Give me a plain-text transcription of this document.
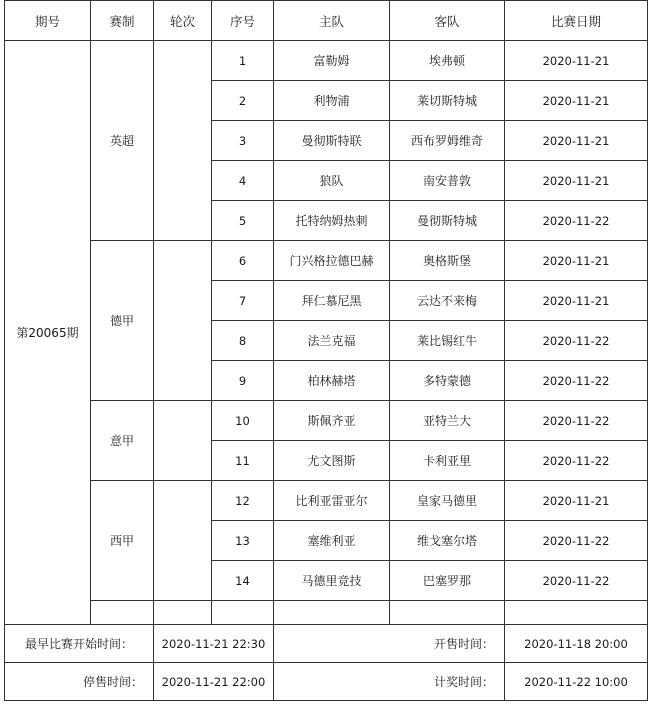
期号	赛制	轮次	序号	主队	客队	比赛日期
第20065期	英超		1	富勒姆	埃弗顿	2020-11-21
			2	利物浦	莱切斯特城	2020-11-21
			3	曼彻斯特联	西布罗姆维奇	2020-11-21
			4	狼队	南安普敦	2020-11-21
			5	托特纳姆热刺	曼彻斯特城	2020-11-22
	德甲		6	门兴格拉德巴赫	奥格斯堡	2020-11-21
			7	拜仁慕尼黑	云达不来梅	2020-11-21
			8	法兰克福	莱比锡红牛	2020-11-22
			9	柏林赫塔	多特蒙德	2020-11-22
	意甲		10	斯佩齐亚	亚特兰大	2020-11-22
			11	尤文图斯	卡利亚里	2020-11-22
	西甲		12	比利亚雷亚尔	皇家马德里	2020-11-21
			13	塞维利亚	维戈塞尔塔	2020-11-22
			14	马德里竞技	巴塞罗那	2020-11-22

最早比赛开始时间：		2020-11-21 22:30		开售时间：		2020-11-18 20:00
停售时间：		2020-11-21 22:00		计奖时间：		2020-11-22 10:00
